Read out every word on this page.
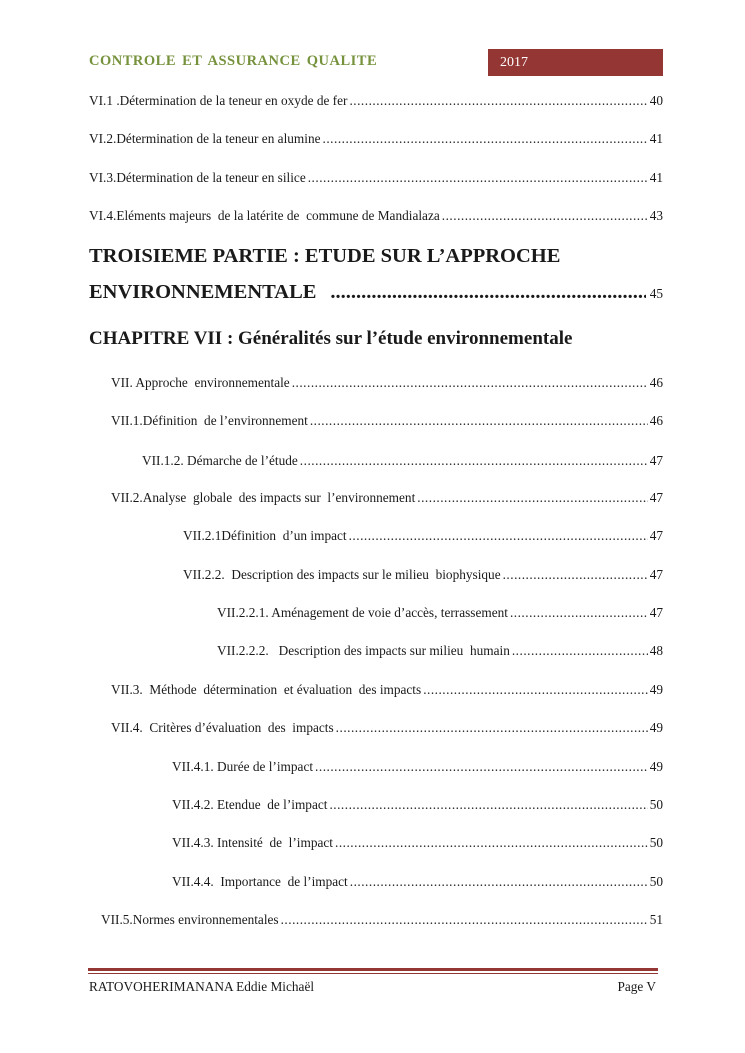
CONTROLE ET ASSURANCE QUALITE	2017
VI.1 .Détermination de la teneur en oxyde de fer .....	40
VI.2.Détermination de la teneur en alumine .....	41
VI.3.Détermination de la teneur en silice .....	41
VI.4.Eléments majeurs  de la latérite de  commune de Mandialaza .....	43
TROISIEME PARTIE : ETUDE SUR L’APPROCHE
ENVIRONNEMENTALE .....	45
CHAPITRE VII : Généralités sur l’étude environnementale
VII. Approche  environnementale .....	46
VII.1.Définition  de l’environnement .....	46
VII.1.2. Démarche de l’étude .....	47
VII.2.Analyse  globale  des impacts sur  l’environnement .....	47
VII.2.1Définition  d’un impact .....	47
VII.2.2.  Description des impacts sur le milieu  biophysique .....	47
VII.2.2.1. Aménagement de voie d’accès, terrassement .....	47
VII.2.2.2.   Description des impacts sur milieu  humain .....	48
VII.3.  Méthode  détermination  et évaluation  des impacts .....	49
VII.4.  Critères d’évaluation  des  impacts .....	49
VII.4.1. Durée de l’impact .....	49
VII.4.2. Etendue  de l’impact .....	50
VII.4.3. Intensité  de  l’impact .....	50
VII.4.4.  Importance  de l’impact .....	50
VII.5.Normes environnementales .....	51
RATOVOHERIMANANA Eddie Michaël	Page V
